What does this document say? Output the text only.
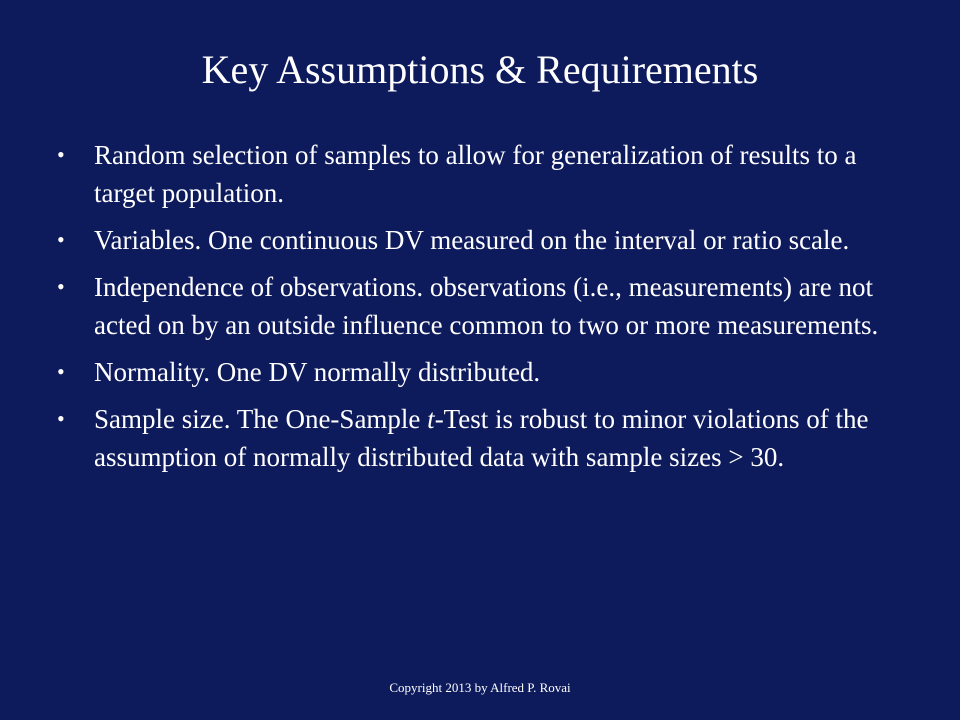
Key Assumptions & Requirements
•	Random selection of samples to allow for generalization of results to a target population.
•	Variables. One continuous DV measured on the interval or ratio scale.
•	Independence of observations. observations (i.e., measurements) are not acted on by an outside influence common to two or more measurements.
•	Normality. One DV normally distributed.
•	Sample size. The One-Sample t-Test is robust to minor violations of the assumption of normally distributed data with sample sizes > 30.
Copyright 2013 by Alfred P. Rovai
